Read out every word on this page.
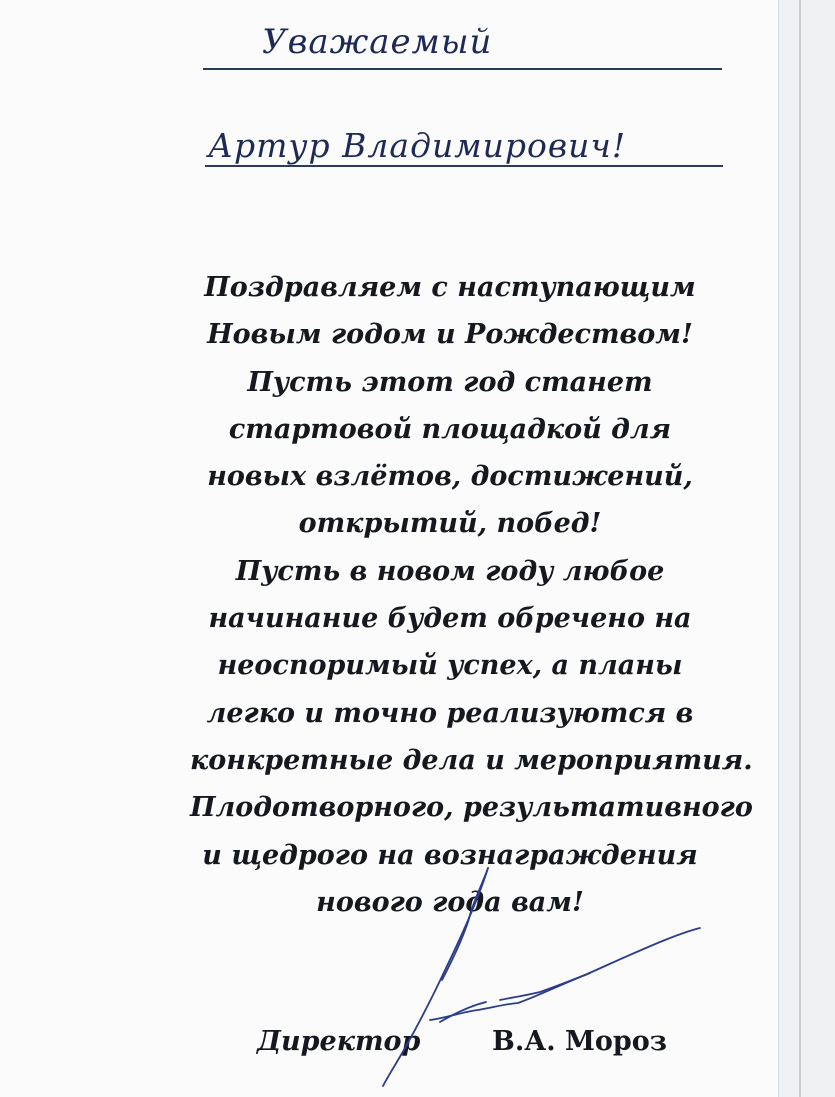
Уважаемый
Артур Владимирович!
Поздравляем с наступающим
Новым годом и Рождеством!
Пусть этот год станет
стартовой площадкой для
новых взлётов, достижений,
открытий, побед!
Пусть в новом году любое
начинание будет обречено на
неоспоримый успех, а планы
легко и точно реализуются в
конкретные дела и мероприятия.
Плодотворного, результативного
и щедрого на вознаграждения
нового года вам!
Директор	В.А. Мороз
